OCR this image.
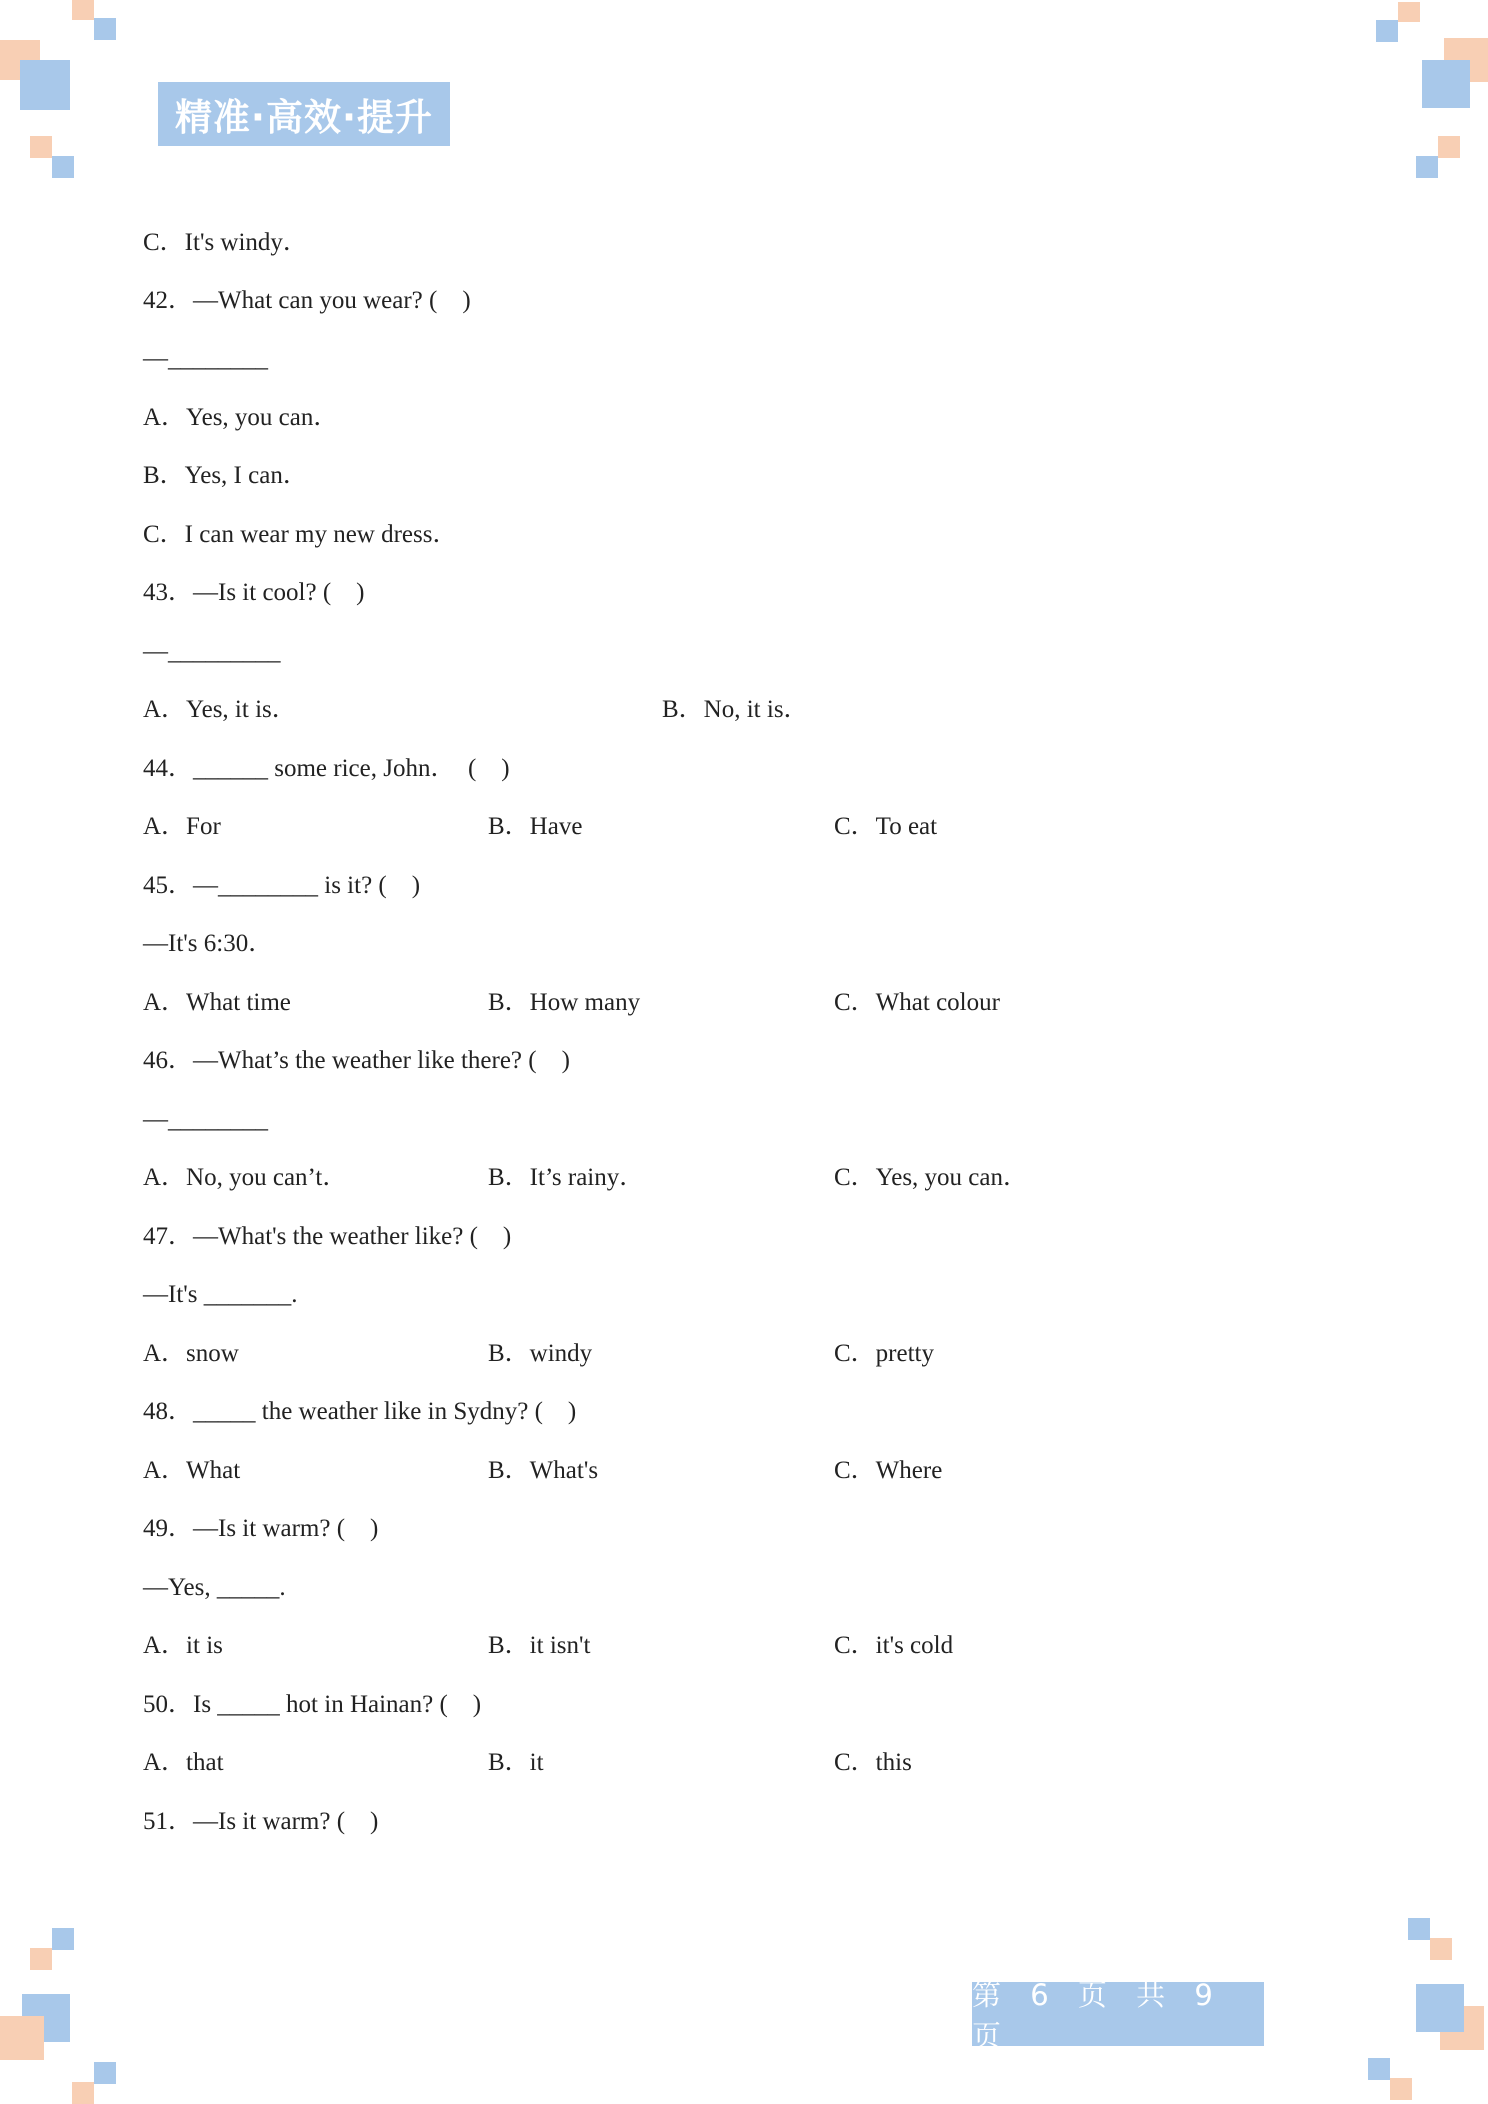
精准·高效·提升
C．It's windy．
42．—What can you wear? (    )
—________
A．Yes, you can．
B．Yes, I can．
C．I can wear my new dress．
43．—Is it cool? (    )
—_________
A．Yes, it is．	B．No, it is．
44．______ some rice, John．  (    )
A．For	B．Have	C．To eat
45．—________ is it? (    )
—It's 6:30．
A．What time	B．How many	C．What colour
46．—What’s the weather like there? (    )
—________
A．No, you can’t．	B．It’s rainy．	C．Yes, you can．
47．—What's the weather like? (    )
—It's _______.
A．snow	B．windy	C．pretty
48．_____ the weather like in Sydny? (    )
A．What	B．What's	C．Where
49．—Is it warm? (    )
—Yes, _____.
A．it is	B．it isn't	C．it's cold
50．Is _____ hot in Hainan? (    )
A．that	B．it	C．this
51．—Is it warm? (    )
第 6 页 共 9 页
